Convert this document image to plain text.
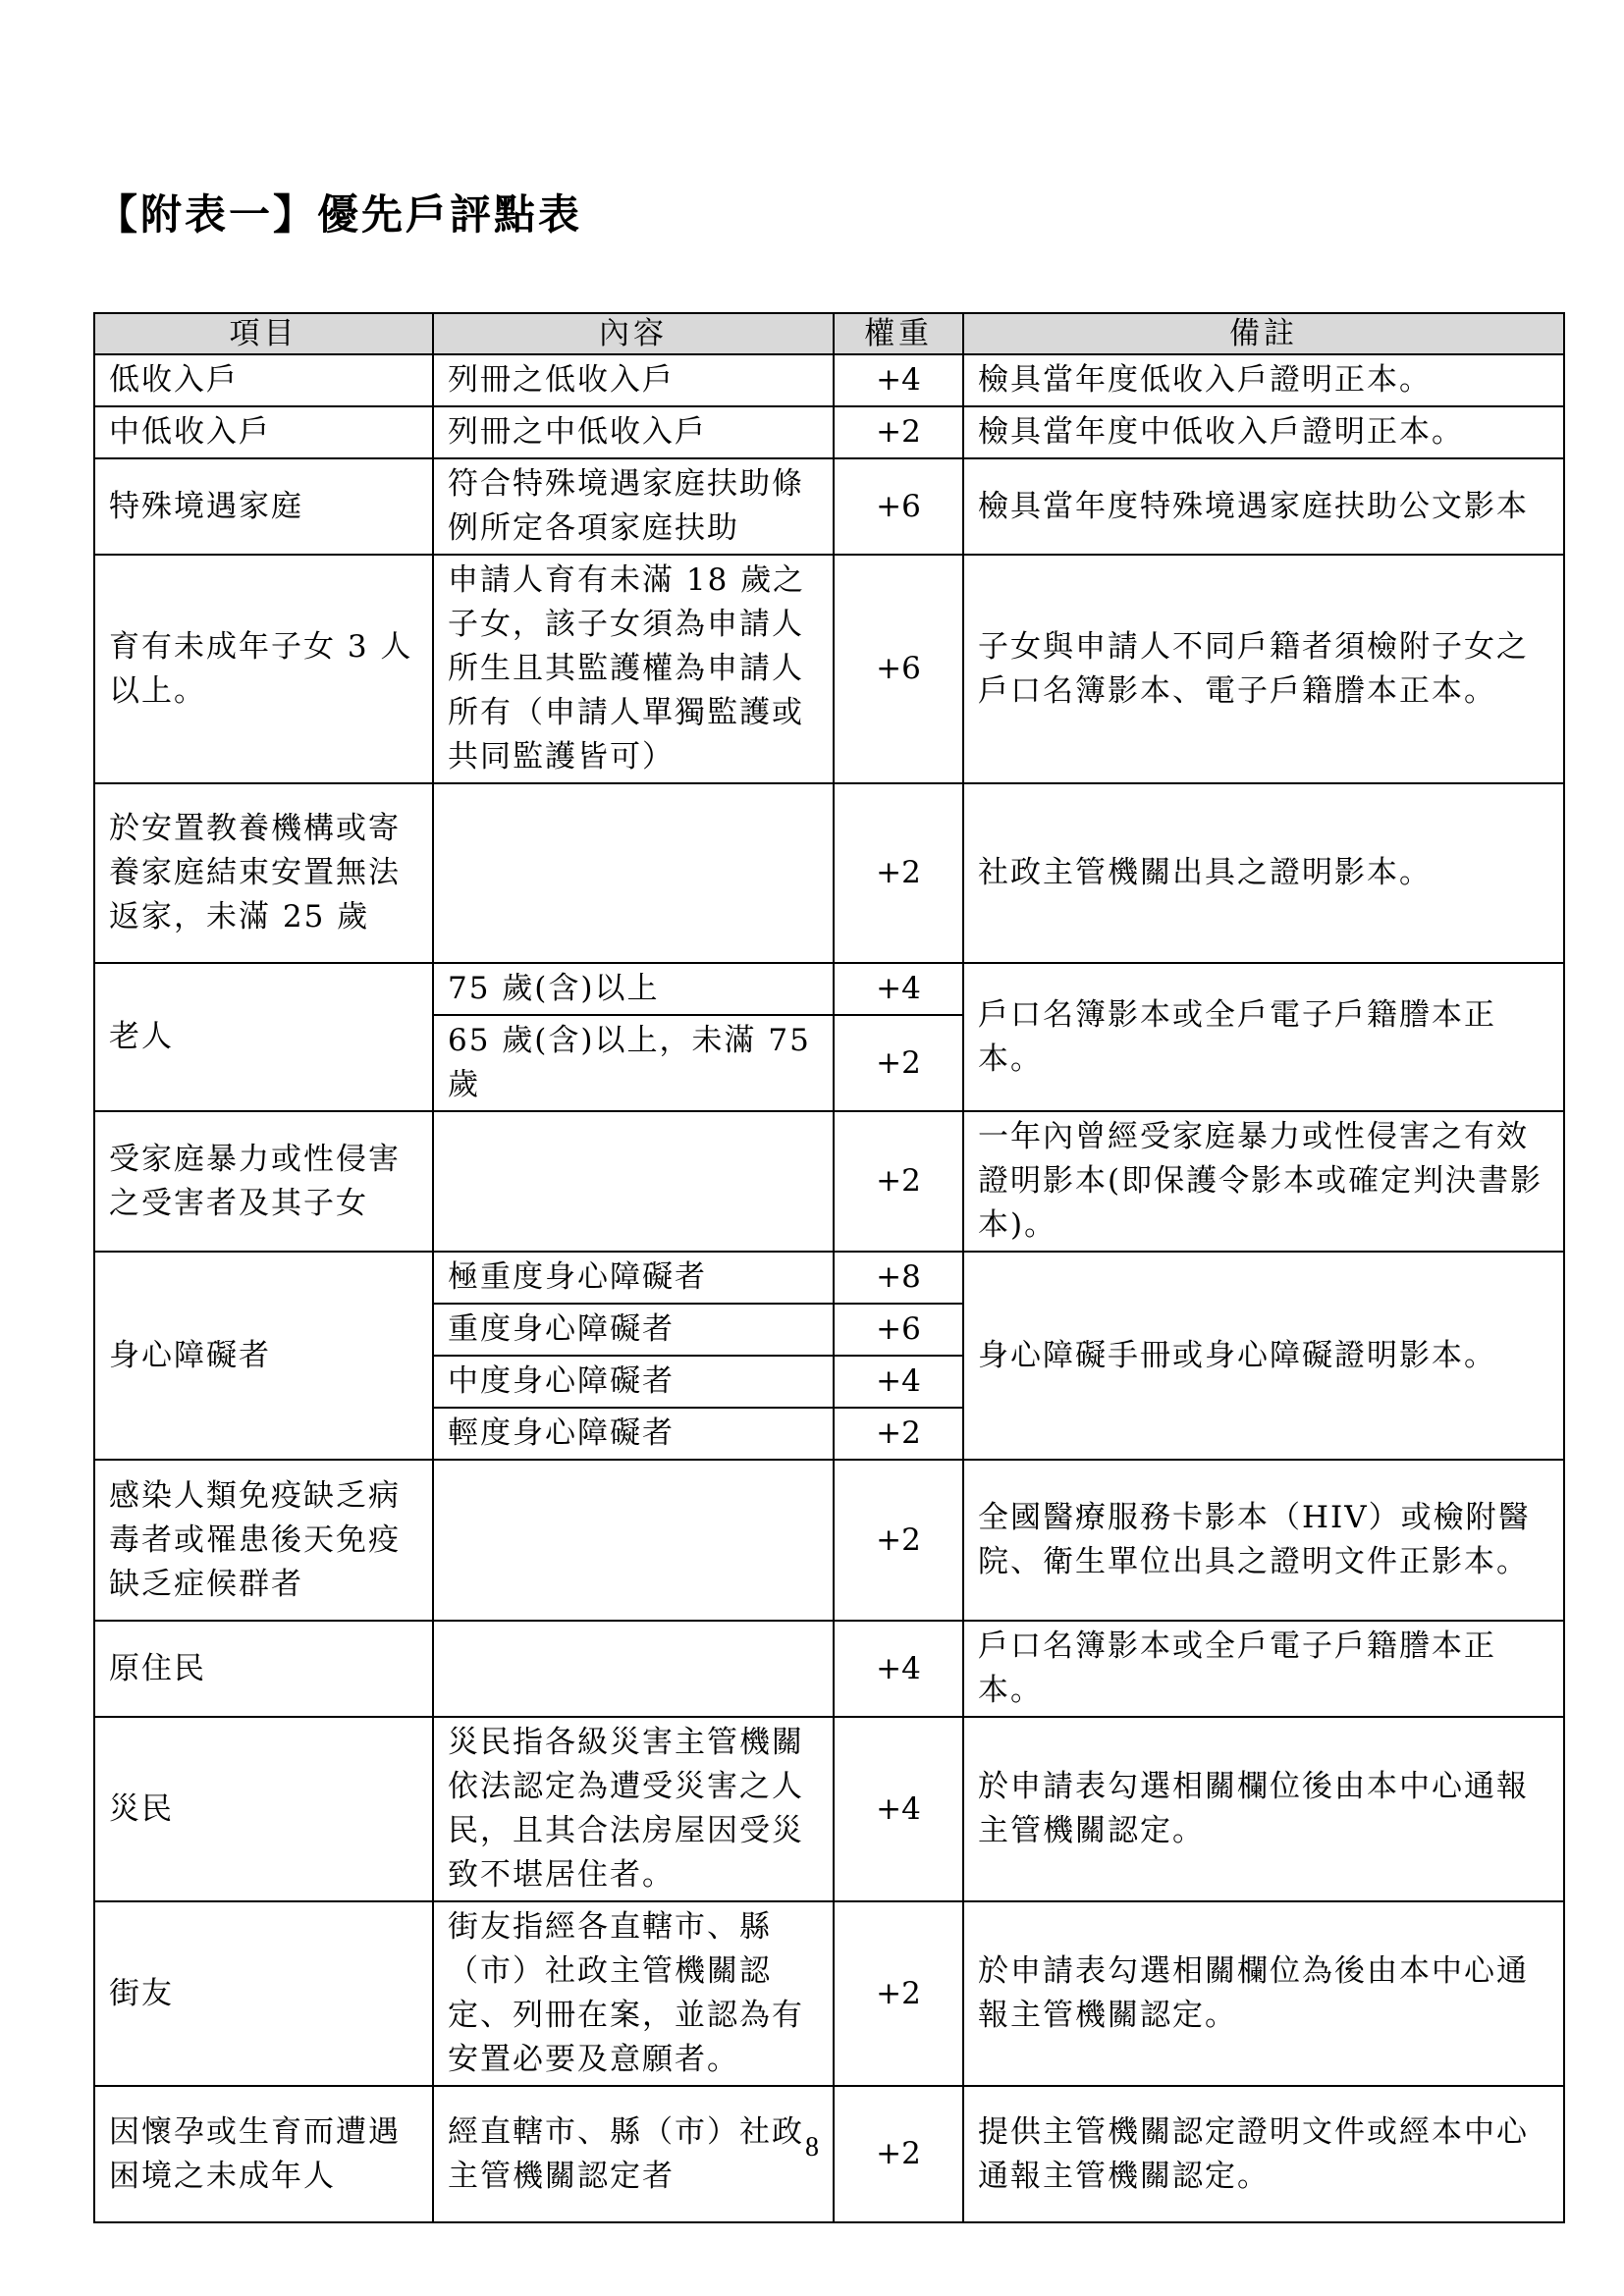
【附表一】優先戶評點表
項目	內容	權重	備註
低收入戶	列冊之低收入戶	+4	檢具當年度低收入戶證明正本。
中低收入戶	列冊之中低收入戶	+2	檢具當年度中低收入戶證明正本。
特殊境遇家庭	符合特殊境遇家庭扶助條例所定各項家庭扶助	+6	檢具當年度特殊境遇家庭扶助公文影本
育有未成年子女 3 人以上。	申請人育有未滿 18 歲之子女，該子女須為申請人所生且其監護權為申請人所有（申請人單獨監護或共同監護皆可）	+6	子女與申請人不同戶籍者須檢附子女之戶口名簿影本、電子戶籍謄本正本。
於安置教養機構或寄養家庭結束安置無法返家，未滿 25 歲		+2	社政主管機關出具之證明影本。
老人	75 歲(含)以上	+4	戶口名簿影本或全戶電子戶籍謄本正本。
	65 歲(含)以上，未滿 75 歲	+2	
受家庭暴力或性侵害之受害者及其子女		+2	一年內曾經受家庭暴力或性侵害之有效證明影本(即保護令影本或確定判決書影本)。
身心障礙者	極重度身心障礙者	+8	身心障礙手冊或身心障礙證明影本。
	重度身心障礙者	+6	
	中度身心障礙者	+4	
	輕度身心障礙者	+2	
感染人類免疫缺乏病毒者或罹患後天免疫缺乏症候群者		+2	全國醫療服務卡影本（HIV）或檢附醫院、衛生單位出具之證明文件正影本。
原住民		+4	戶口名簿影本或全戶電子戶籍謄本正本。
災民	災民指各級災害主管機關依法認定為遭受災害之人民，且其合法房屋因受災致不堪居住者。	+4	於申請表勾選相關欄位後由本中心通報主管機關認定。
街友	街友指經各直轄市、縣（市）社政主管機關認定、列冊在案，並認為有安置必要及意願者。	+2	於申請表勾選相關欄位為後由本中心通報主管機關認定。
因懷孕或生育而遭遇困境之未成年人	經直轄市、縣（市）社政主管機關認定者	+2	提供主管機關認定證明文件或經本中心通報主管機關認定。
8
